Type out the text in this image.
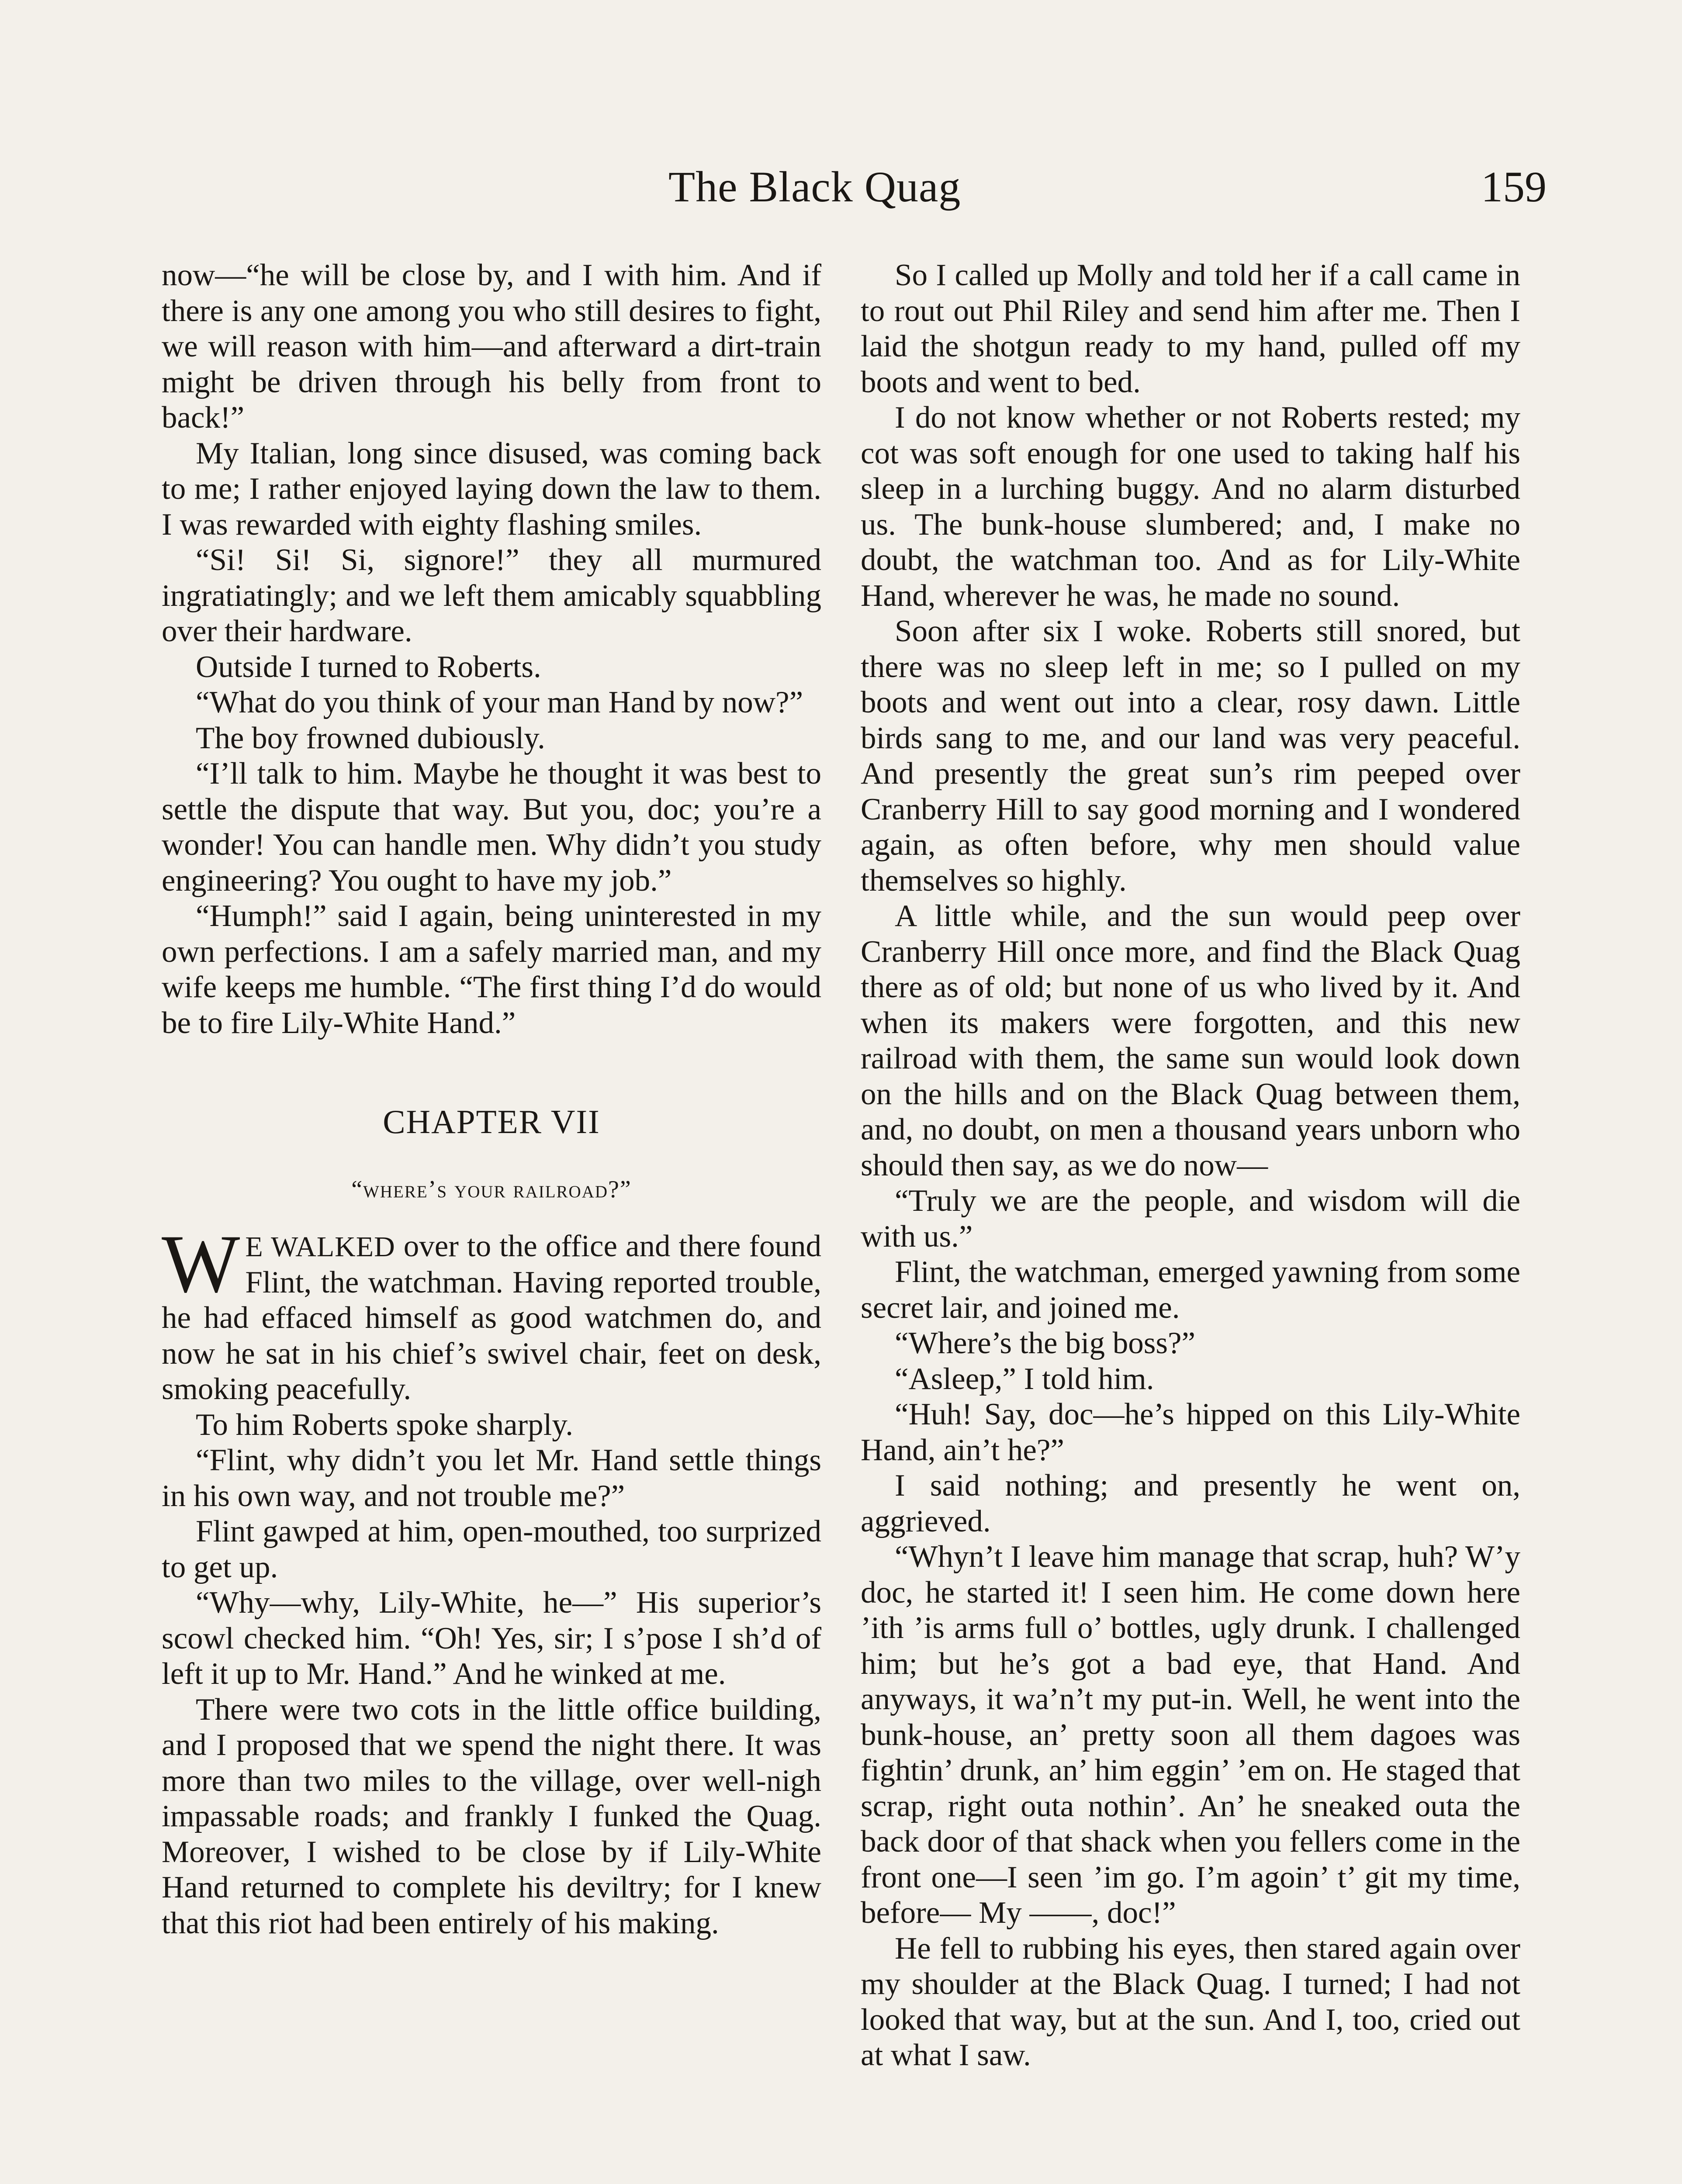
The Black Quag	159

now—“he will be close by, and I with him. And if there is any one among you who still desires to fight, we will reason with him—and afterward a dirt-train might be driven through his belly from front to back!”

My Italian, long since disused, was coming back to me; I rather enjoyed laying down the law to them. I was rewarded with eighty flashing smiles.

“Si! Si! Si, signore!” they all murmured ingratiatingly; and we left them amicably squabbling over their hardware.

Outside I turned to Roberts.

“What do you think of your man Hand by now?”

The boy frowned dubiously.

“I’ll talk to him. Maybe he thought it was best to settle the dispute that way. But you, doc; you’re a wonder! You can handle men. Why didn’t you study engineering? You ought to have my job.”

“Humph!” said I again, being uninterested in my own perfections. I am a safely married man, and my wife keeps me humble. “The first thing I’d do would be to fire Lily-White Hand.”

CHAPTER VII
“where’s your railroad?”

W E WALKED over to the office and there found Flint, the watchman. Having reported trouble, he had effaced himself as good watchmen do, and now he sat in his chief’s swivel chair, feet on desk, smoking peacefully.

To him Roberts spoke sharply.

“Flint, why didn’t you let Mr. Hand settle things in his own way, and not trouble me?”

Flint gawped at him, open-mouthed, too surprized to get up.

“Why—why, Lily-White, he—” His superior’s scowl checked him. “Oh! Yes, sir; I s’pose I sh’d of left it up to Mr. Hand.” And he winked at me.

There were two cots in the little office building, and I proposed that we spend the night there. It was more than two miles to the village, over well-nigh impassable roads; and frankly I funked the Quag. Moreover, I wished to be close by if Lily-White Hand returned to complete his deviltry; for I knew that this riot had been entirely of his making.

So I called up Molly and told her if a call came in to rout out Phil Riley and send him after me. Then I laid the shotgun ready to my hand, pulled off my boots and went to bed.

I do not know whether or not Roberts rested; my cot was soft enough for one used to taking half his sleep in a lurching buggy. And no alarm disturbed us. The bunk-house slumbered; and, I make no doubt, the watchman too. And as for Lily-White Hand, wherever he was, he made no sound.

Soon after six I woke. Roberts still snored, but there was no sleep left in me; so I pulled on my boots and went out into a clear, rosy dawn. Little birds sang to me, and our land was very peaceful. And presently the great sun’s rim peeped over Cranberry Hill to say good morning and I wondered again, as often before, why men should value themselves so highly.

A little while, and the sun would peep over Cranberry Hill once more, and find the Black Quag there as of old; but none of us who lived by it. And when its makers were forgotten, and this new railroad with them, the same sun would look down on the hills and on the Black Quag between them, and, no doubt, on men a thousand years unborn who should then say, as we do now—

“Truly we are the people, and wisdom will die with us.”

Flint, the watchman, emerged yawning from some secret lair, and joined me.

“Where’s the big boss?”

“Asleep,” I told him.

“Huh! Say, doc—he’s hipped on this Lily-White Hand, ain’t he?”

I said nothing; and presently he went on, aggrieved.

“Whyn’t I leave him manage that scrap, huh? W’y doc, he started it! I seen him. He come down here ’ith ’is arms full o’ bottles, ugly drunk. I challenged him; but he’s got a bad eye, that Hand. And anyways, it wa’n’t my put-in. Well, he went into the bunk-house, an’ pretty soon all them dagoes was fightin’ drunk, an’ him eggin’ ’em on. He staged that scrap, right outa nothin’. An’ he sneaked outa the back door of that shack when you fellers come in the front one—I seen ’im go. I’m agoin’ t’ git my time, before— My ——, doc!”

He fell to rubbing his eyes, then stared again over my shoulder at the Black Quag. I turned; I had not looked that way, but at the sun. And I, too, cried out at what I saw.
